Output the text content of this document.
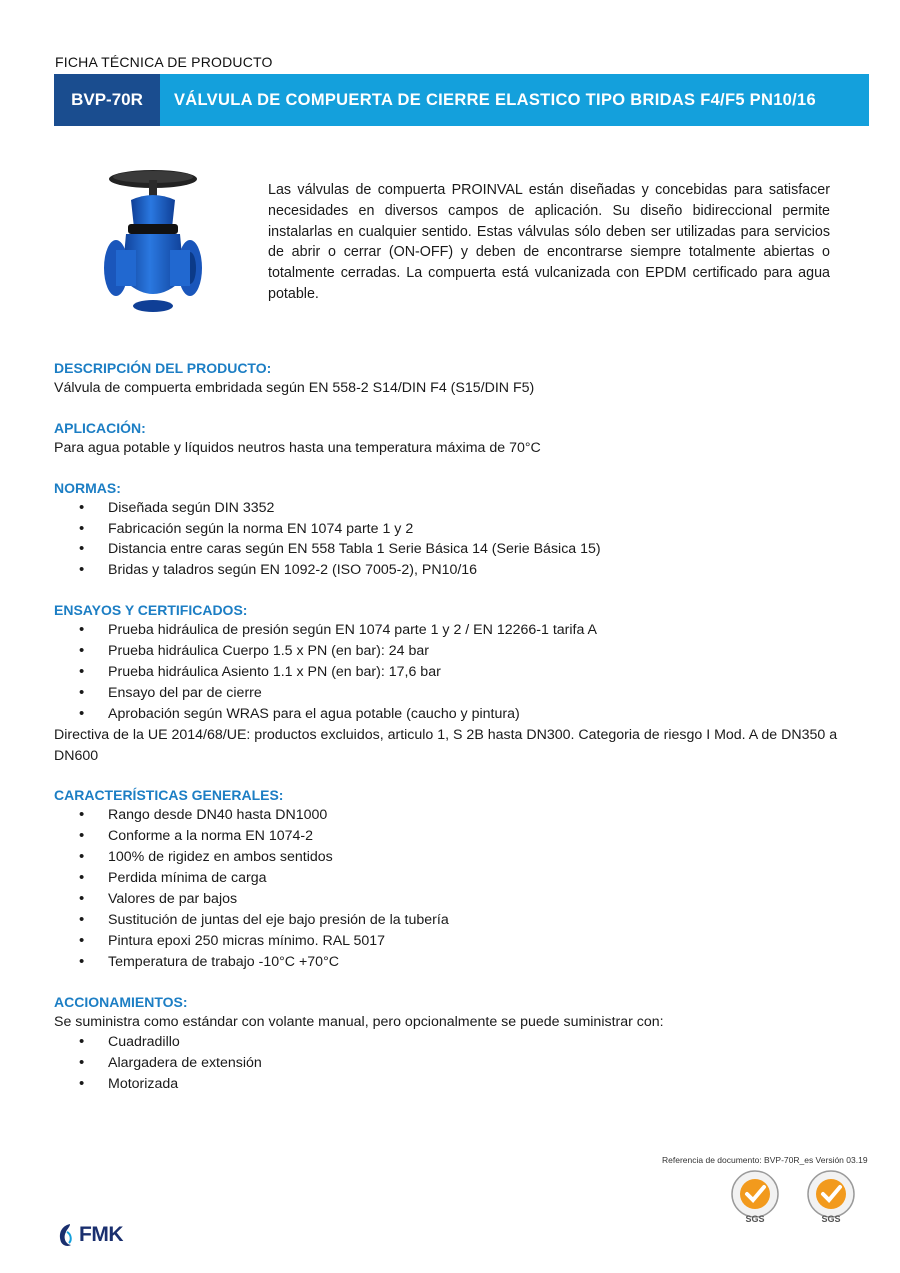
FICHA TÉCNICA DE PRODUCTO
BVP-70R	VÁLVULA DE COMPUERTA DE CIERRE ELASTICO TIPO BRIDAS F4/F5 PN10/16
Las válvulas de compuerta PROINVAL están diseñadas y concebidas para satisfacer necesidades en diversos campos de aplicación. Su diseño bidireccional permite instalarlas en cualquier sentido. Estas válvulas sólo deben ser utilizadas para servicios de abrir o cerrar (ON-OFF) y deben de encontrarse siempre totalmente abiertas o totalmente cerradas. La compuerta está vulcanizada con EPDM certificado para agua potable.
DESCRIPCIÓN DEL PRODUCTO:
Válvula de compuerta embridada según EN 558-2 S14/DIN F4 (S15/DIN F5)
APLICACIÓN:
Para agua potable y líquidos neutros hasta una temperatura máxima de 70°C
NORMAS:
• Diseñada según DIN 3352
• Fabricación según la norma EN 1074 parte 1 y 2
• Distancia entre caras según EN 558 Tabla 1 Serie Básica 14 (Serie Básica 15)
• Bridas y taladros según EN 1092-2 (ISO 7005-2), PN10/16
ENSAYOS Y CERTIFICADOS:
• Prueba hidráulica de presión según EN 1074 parte 1 y 2 / EN 12266-1 tarifa A
• Prueba hidráulica Cuerpo 1.5 x PN (en bar): 24 bar
• Prueba hidráulica Asiento 1.1 x PN (en bar): 17,6 bar
• Ensayo del par de cierre
• Aprobación según WRAS para el agua potable (caucho y pintura)
Directiva de la UE 2014/68/UE: productos excluidos, articulo 1, S 2B hasta DN300. Categoria de riesgo I Mod. A de DN350 a DN600
CARACTERÍSTICAS GENERALES:
• Rango desde DN40 hasta DN1000
• Conforme a la norma EN 1074-2
• 100% de rigidez en ambos sentidos
• Perdida mínima de carga
• Valores de par bajos
• Sustitución de juntas del eje bajo presión de la tubería
• Pintura epoxi 250 micras mínimo. RAL 5017
• Temperatura de trabajo -10°C +70°C
ACCIONAMIENTOS:
Se suministra como estándar con volante manual, pero opcionalmente se puede suministrar con:
• Cuadradillo
• Alargadera de extensión
• Motorizada
Referencia de documento: BVP-70R_es Versión 03.19
SGS	SGS
FMK
